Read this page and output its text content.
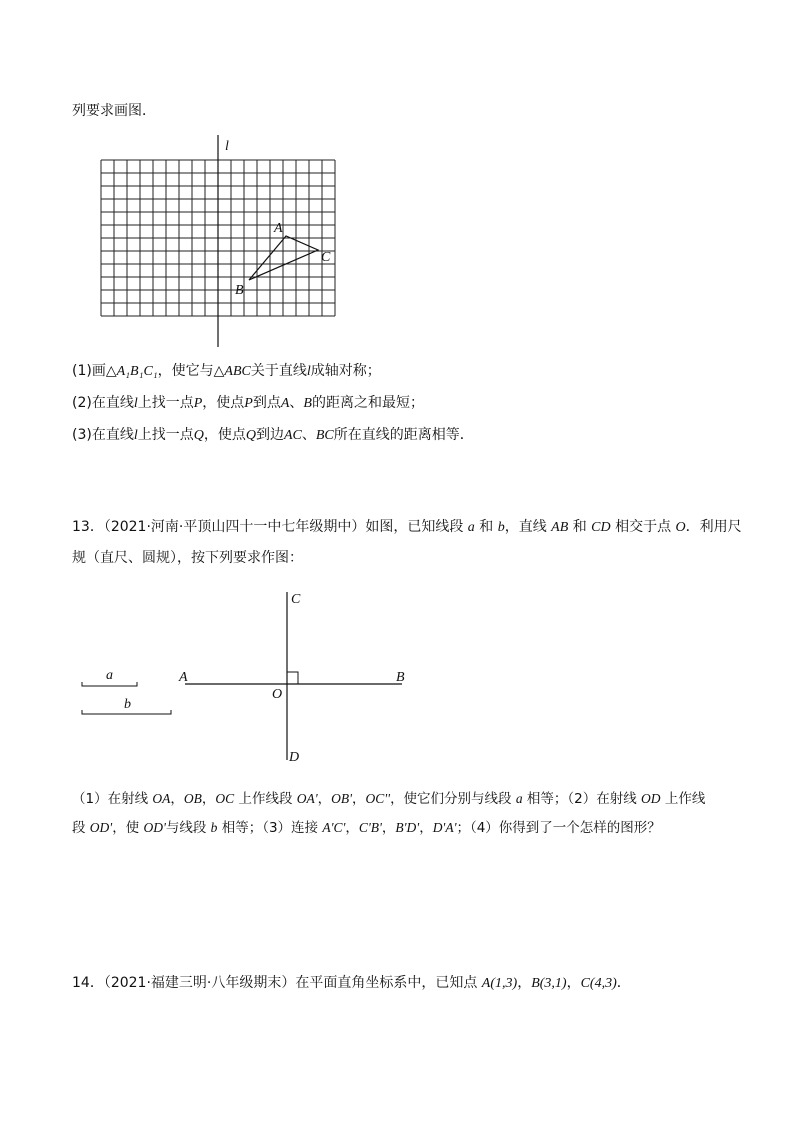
列要求画图．
l
A
B
C
(1)画△A₁B₁C₁，使它与△ABC关于直线l成轴对称；
(2)在直线l上找一点P，使点P到点A、B的距离之和最短；
(3)在直线l上找一点Q，使点Q到边AC、BC所在直线的距离相等．
13．（2021·河南·平顶山四十一中七年级期中）如图，已知线段 a 和 b，直线 AB 和 CD 相交于点 O．利用尺
规（直尺、圆规），按下列要求作图：
a
b
A	B
C
D
O
（1）在射线 OA，OB，OC 上作线段 OA'，OB'，OC''，使它们分别与线段 a 相等；（2）在射线 OD 上作线
段 OD'，使 OD'与线段 b 相等；（3）连接 A'C'，C'B'，B'D'，D'A'；（4）你得到了一个怎样的图形？
14．（2021·福建三明·八年级期末）在平面直角坐标系中，已知点 A(1,3)，B(3,1)，C(4,3)．
